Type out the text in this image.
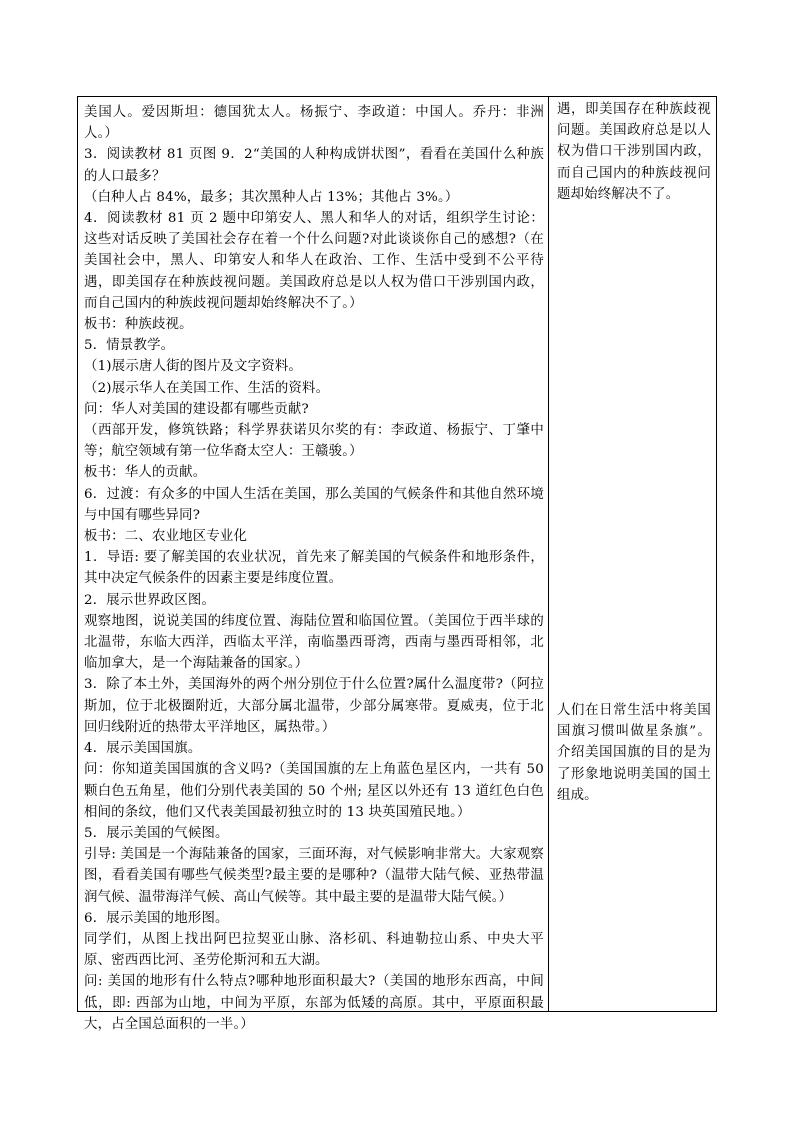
美国人。爱因斯坦：德国犹太人。杨振宁、李政道：中国人。乔丹：非洲人。）

3．阅读教材 81 页图 9．2“美国的人种构成饼状图”，看看在美国什么种族的人口最多？

（白种人占 84%，最多；其次黑种人占 13%；其他占 3%。）

4．阅读教材 81 页 2 题中印第安人、黑人和华人的对话，组织学生讨论：这些对话反映了美国社会存在着一个什么问题?对此谈谈你自己的感想?（在美国社会中，黑人、印第安人和华人在政治、工作、生活中受到不公平待遇，即美国存在种族歧视问题。美国政府总是以人权为借口干涉别国内政，而自己国内的种族歧视问题却始终解决不了。）

板书：种族歧视。

5．情景教学。

（1)展示唐人街的图片及文字资料。

（2)展示华人在美国工作、生活的资料。

问：华人对美国的建设都有哪些贡献?

（西部开发，修筑铁路；科学界获诺贝尔奖的有：李政道、杨振宁、丁肇中等；航空领域有第一位华裔太空人：王赣骏。）

板书：华人的贡献。

6．过渡：有众多的中国人生活在美国，那么美国的气候条件和其他自然环境与中国有哪些异同?

板书：二、农业地区专业化

1．导语: 要了解美国的农业状况，首先来了解美国的气候条件和地形条件，其中决定气候条件的因素主要是纬度位置。

2．展示世界政区图。

观察地图，说说美国的纬度位置、海陆位置和临国位置。（美国位于西半球的北温带，东临大西洋，西临太平洋，南临墨西哥湾，西南与墨西哥相邻，北临加拿大，是一个海陆兼备的国家。）

3．除了本土外，美国海外的两个州分别位于什么位置?属什么温度带?（阿拉斯加，位于北极圈附近，大部分属北温带，少部分属寒带。夏威夷，位于北回归线附近的热带太平洋地区，属热带。）

4．展示美国国旗。

问：你知道美国国旗的含义吗?（美国国旗的左上角蓝色星区内，一共有 50 颗白色五角星，他们分别代表美国的 50 个州; 星区以外还有 13 道红色白色相间的条纹，他们又代表美国最初独立时的 13 块英国殖民地。）

5．展示美国的气候图。

引导: 美国是一个海陆兼备的国家，三面环海，对气候影响非常大。大家观察图，看看美国有哪些气候类型?最主要的是哪种?（温带大陆气候、亚热带温润气候、温带海洋气候、高山气候等。其中最主要的是温带大陆气候。）

6．展示美国的地形图。

同学们，从图上找出阿巴拉契亚山脉、洛杉矶、科迪勒拉山系、中央大平原、密西西比河、圣劳伦斯河和五大湖。

问: 美国的地形有什么特点?哪种地形面积最大?（美国的地形东西高，中间低，即: 西部为山地，中间为平原，东部为低矮的高原。其中，平原面积最大，占全国总面积的一半。）

遇，即美国存在种族歧视问题。美国政府总是以人权为借口干涉别国内政，而自己国内的种族歧视问题却始终解决不了。

人们在日常生活中将美国国旗习惯叫做星条旗”。介绍美国国旗的目的是为了形象地说明美国的国土组成。
